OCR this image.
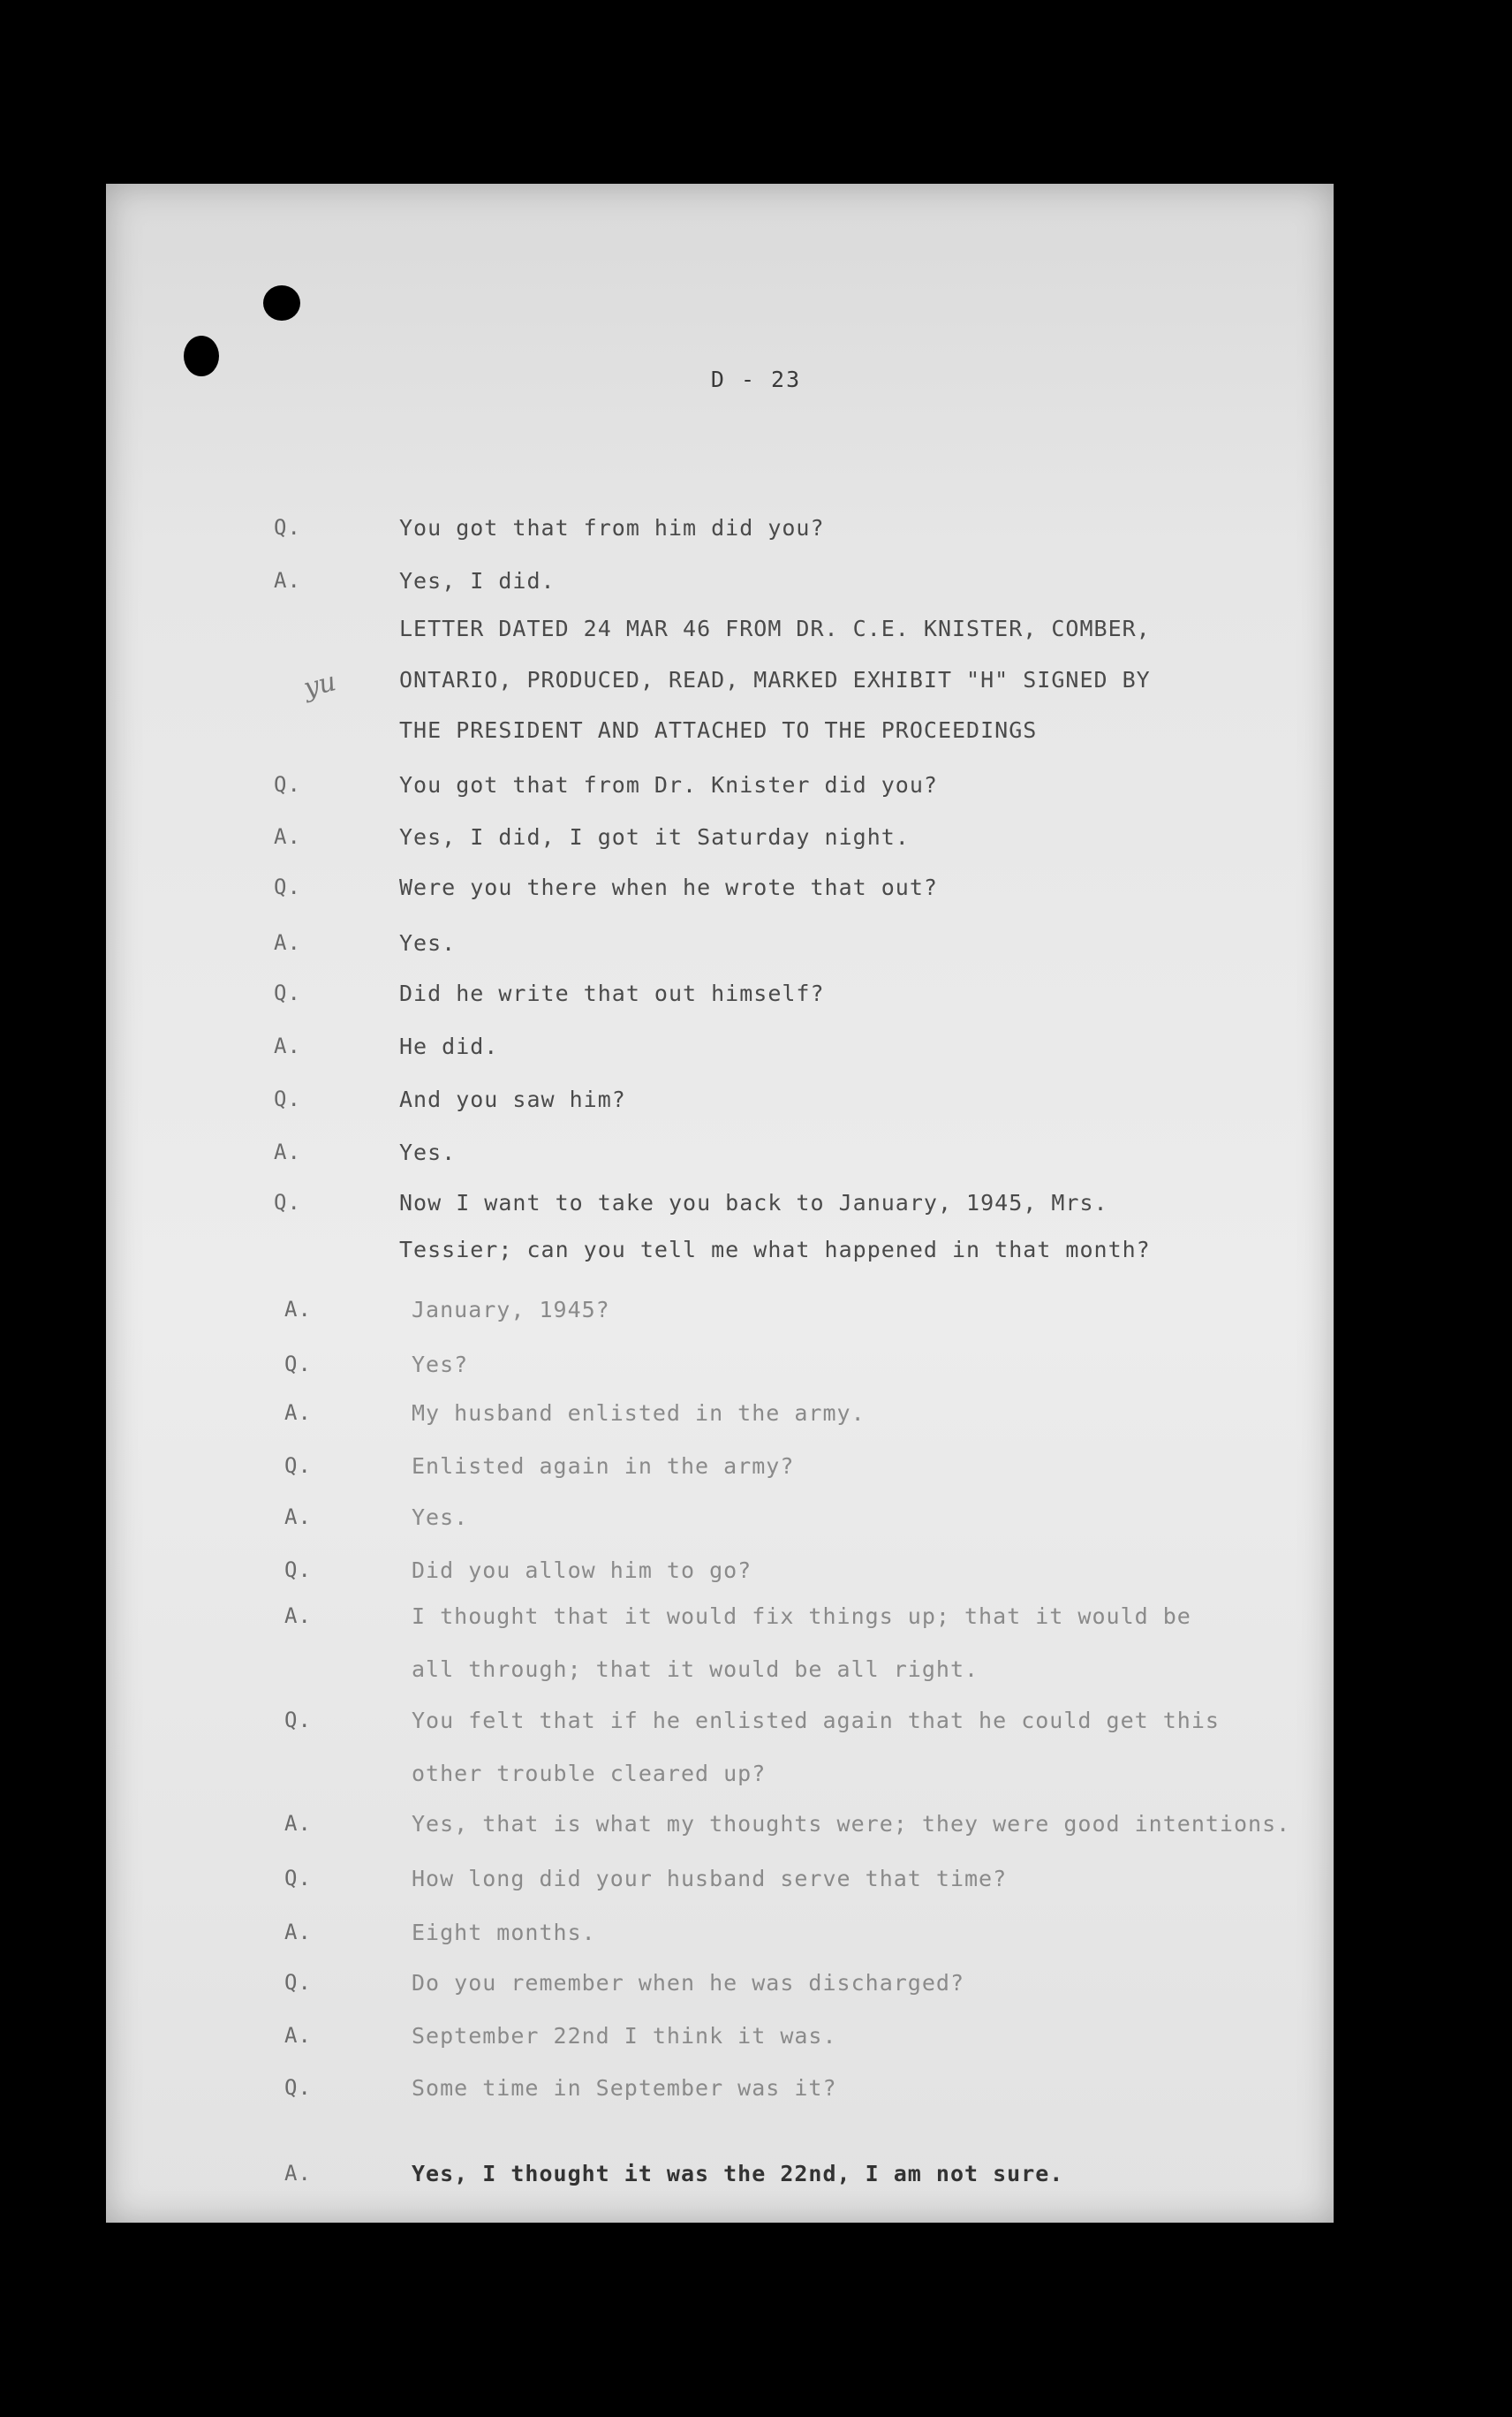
D - 23
yu
Q.	You got that from him did you?
A.	Yes, I did.
LETTER DATED 24 MAR 46 FROM DR. C.E. KNISTER, COMBER,
ONTARIO, PRODUCED, READ, MARKED EXHIBIT "H" SIGNED BY
THE PRESIDENT AND ATTACHED TO THE PROCEEDINGS
Q.	You got that from Dr. Knister did you?
A.	Yes, I did, I got it Saturday night.
Q.	Were you there when he wrote that out?
A.	Yes.
Q.	Did he write that out himself?
A.	He did.
Q.	And you saw him?
A.	Yes.
Q.	Now I want to take you back to January, 1945, Mrs.
Tessier; can you tell me what happened in that month?
A.	January, 1945?
Q.	Yes?
A.	My husband enlisted in the army.
Q.	Enlisted again in the army?
A.	Yes.
Q.	Did you allow him to go?
A.	I thought that it would fix things up; that it would be
all through; that it would be all right.
Q.	You felt that if he enlisted again that he could get this
other trouble cleared up?
A.	Yes, that is what my thoughts were; they were good intentions.
Q.	How long did your husband serve that time?
A.	Eight months.
Q.	Do you remember when he was discharged?
A.	September 22nd I think it was.
Q.	Some time in September was it?
A.	Yes, I thought it was the 22nd, I am not sure.
